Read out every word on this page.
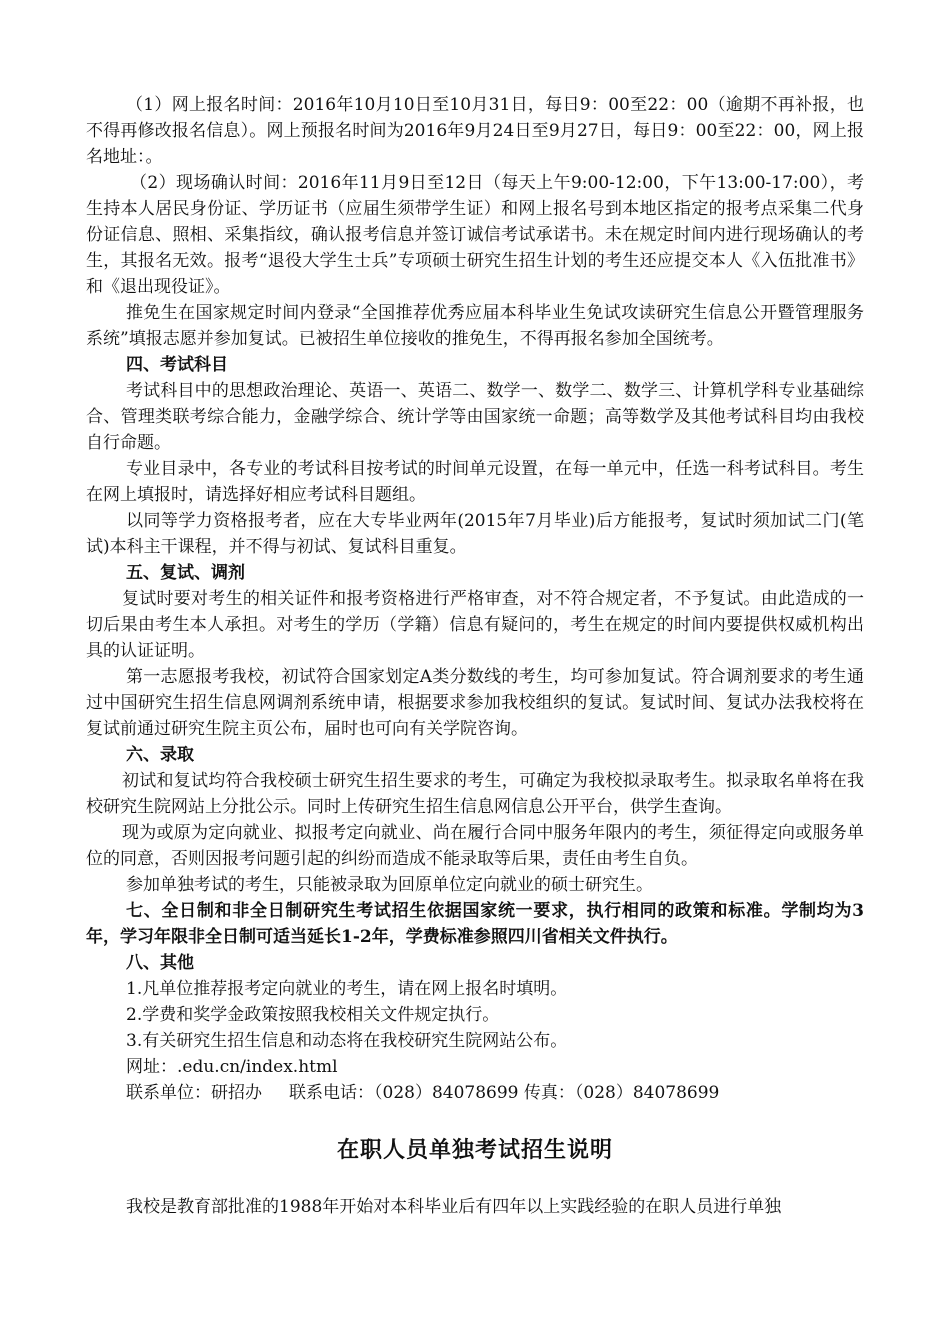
（1）网上报名时间：2016年10月10日至10月31日，每日9：00至22：00（逾期不再补报，也不得再修改报名信息）。网上预报名时间为2016年9月24日至9月27日，每日9：00至22：00，网上报名地址：。

（2）现场确认时间：2016年11月9日至12日（每天上午9:00-12:00，下午13:00-17:00），考生持本人居民身份证、学历证书（应届生须带学生证）和网上报名号到本地区指定的报考点采集二代身份证信息、照相、采集指纹，确认报考信息并签订诚信考试承诺书。未在规定时间内进行现场确认的考生，其报名无效。报考“退役大学生士兵”专项硕士研究生招生计划的考生还应提交本人《入伍批准书》和《退出现役证》。

推免生在国家规定时间内登录“全国推荐优秀应届本科毕业生免试攻读研究生信息公开暨管理服务系统”填报志愿并参加复试。已被招生单位接收的推免生，不得再报名参加全国统考。

四、考试科目

考试科目中的思想政治理论、英语一、英语二、数学一、数学二、数学三、计算机学科专业基础综合、管理类联考综合能力，金融学综合、统计学等由国家统一命题；高等数学及其他考试科目均由我校自行命题。

专业目录中，各专业的考试科目按考试的时间单元设置，在每一单元中，任选一科考试科目。考生在网上填报时，请选择好相应考试科目题组。

以同等学力资格报考者，应在大专毕业两年(2015年7月毕业)后方能报考，复试时须加试二门(笔试)本科主干课程，并不得与初试、复试科目重复。

五、复试、调剂

复试时要对考生的相关证件和报考资格进行严格审查，对不符合规定者，不予复试。由此造成的一切后果由考生本人承担。对考生的学历（学籍）信息有疑问的，考生在规定的时间内要提供权威机构出具的认证证明。

第一志愿报考我校，初试符合国家划定A类分数线的考生，均可参加复试。符合调剂要求的考生通过中国研究生招生信息网调剂系统申请，根据要求参加我校组织的复试。复试时间、复试办法我校将在复试前通过研究生院主页公布，届时也可向有关学院咨询。

六、录取

初试和复试均符合我校硕士研究生招生要求的考生，可确定为我校拟录取考生。拟录取名单将在我校研究生院网站上分批公示。同时上传研究生招生信息网信息公开平台，供学生查询。

现为或原为定向就业、拟报考定向就业、尚在履行合同中服务年限内的考生，须征得定向或服务单位的同意，否则因报考问题引起的纠纷而造成不能录取等后果，责任由考生自负。

参加单独考试的考生，只能被录取为回原单位定向就业的硕士研究生。

七、全日制和非全日制研究生考试招生依据国家统一要求，执行相同的政策和标准。学制均为3年，学习年限非全日制可适当延长1-2年，学费标准参照四川省相关文件执行。

八、其他

1.凡单位推荐报考定向就业的考生，请在网上报名时填明。

2.学费和奖学金政策按照我校相关文件规定执行。

3.有关研究生招生信息和动态将在我校研究生院网站公布。

网址：.edu.cn/index.html

联系单位：研招办     联系电话：（028）84078699 传真：（028）84078699

在职人员单独考试招生说明

我校是教育部批准的1988年开始对本科毕业后有四年以上实践经验的在职人员进行单独
